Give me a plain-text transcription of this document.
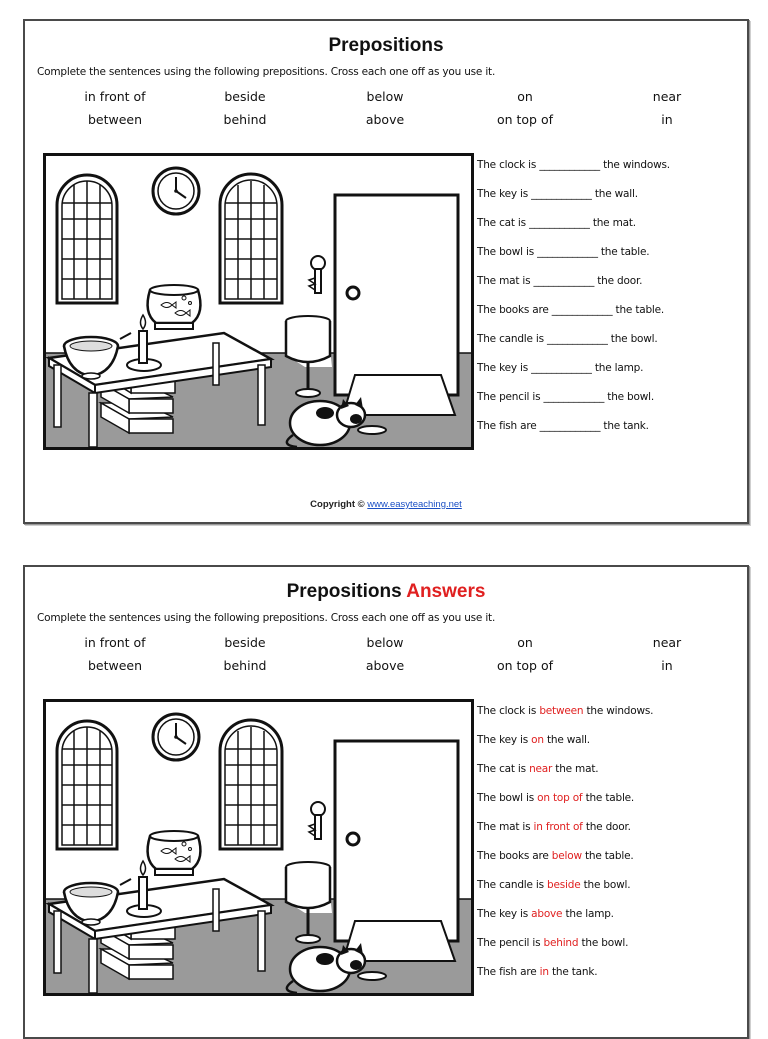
Prepositions
Complete the sentences using the following prepositions. Cross each one off as you use it.
in front of	beside	below	on	near
between	behind	above	on top of	in
The clock is ____________ the windows.
The key is ____________ the wall.
The cat is ____________ the mat.
The bowl is ____________ the table.
The mat is ____________ the door.
The books are ____________ the table.
The candle is ____________ the bowl.
The key is ____________ the lamp.
The pencil is ____________ the bowl.
The fish are ____________ the tank.
Copyright © www.easyteaching.net
Prepositions Answers
Complete the sentences using the following prepositions. Cross each one off as you use it.
in front of	beside	below	on	near
between	behind	above	on top of	in
The clock is between the windows.
The key is on the wall.
The cat is near the mat.
The bowl is on top of the table.
The mat is in front of the door.
The books are below the table.
The candle is beside the bowl.
The key is above the lamp.
The pencil is behind the bowl.
The fish are in the tank.
